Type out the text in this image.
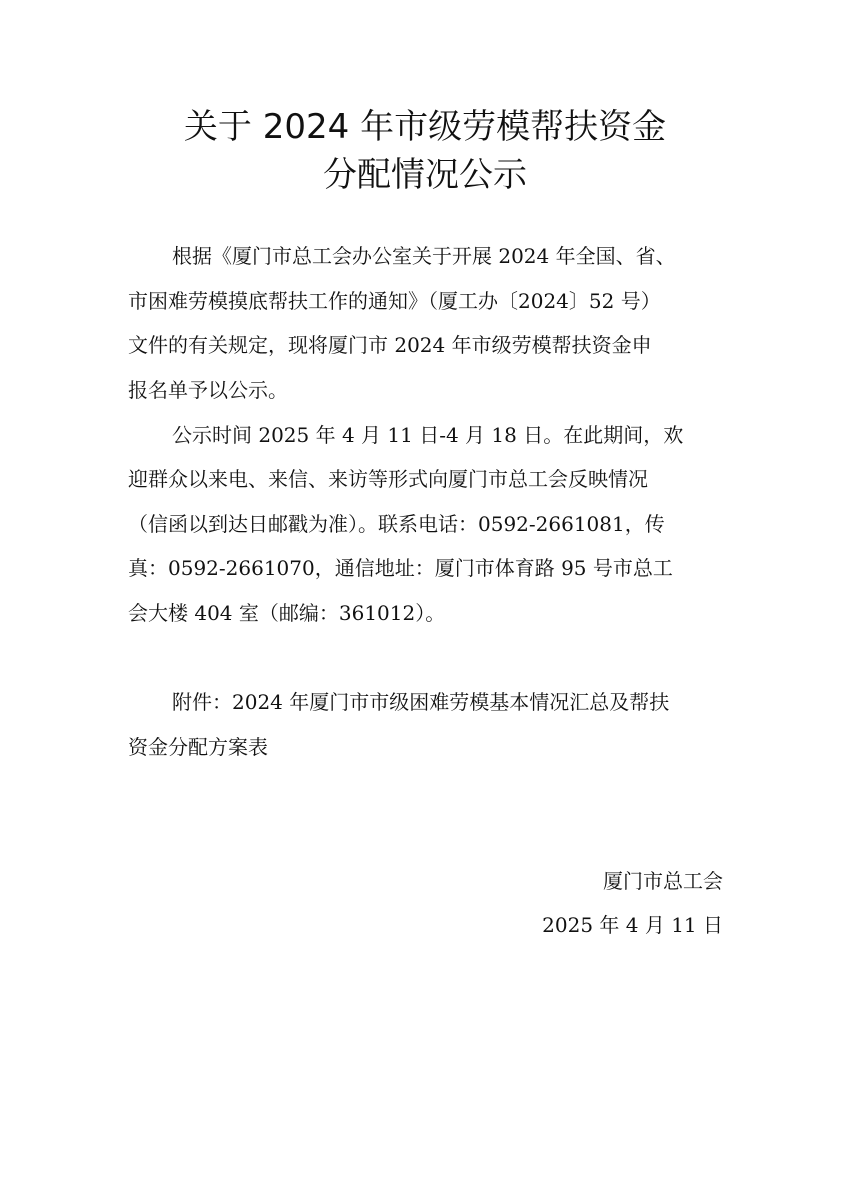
关于 2024 年市级劳模帮扶资金
分配情况公示

根据《厦门市总工会办公室关于开展 2024 年全国、省、

市困难劳模摸底帮扶工作的通知》（厦工办〔2024〕52 号）

文件的有关规定，现将厦门市 2024 年市级劳模帮扶资金申

报名单予以公示。

公示时间 2025 年 4 月 11 日-4 月 18 日。在此期间，欢

迎群众以来电、来信、来访等形式向厦门市总工会反映情况

（信函以到达日邮戳为准）。联系电话：0592-2661081，传

真：0592-2661070，通信地址：厦门市体育路 95 号市总工

会大楼 404 室（邮编：361012）。

附件：2024 年厦门市市级困难劳模基本情况汇总及帮扶

资金分配方案表

厦门市总工会

2025 年 4 月 11 日
